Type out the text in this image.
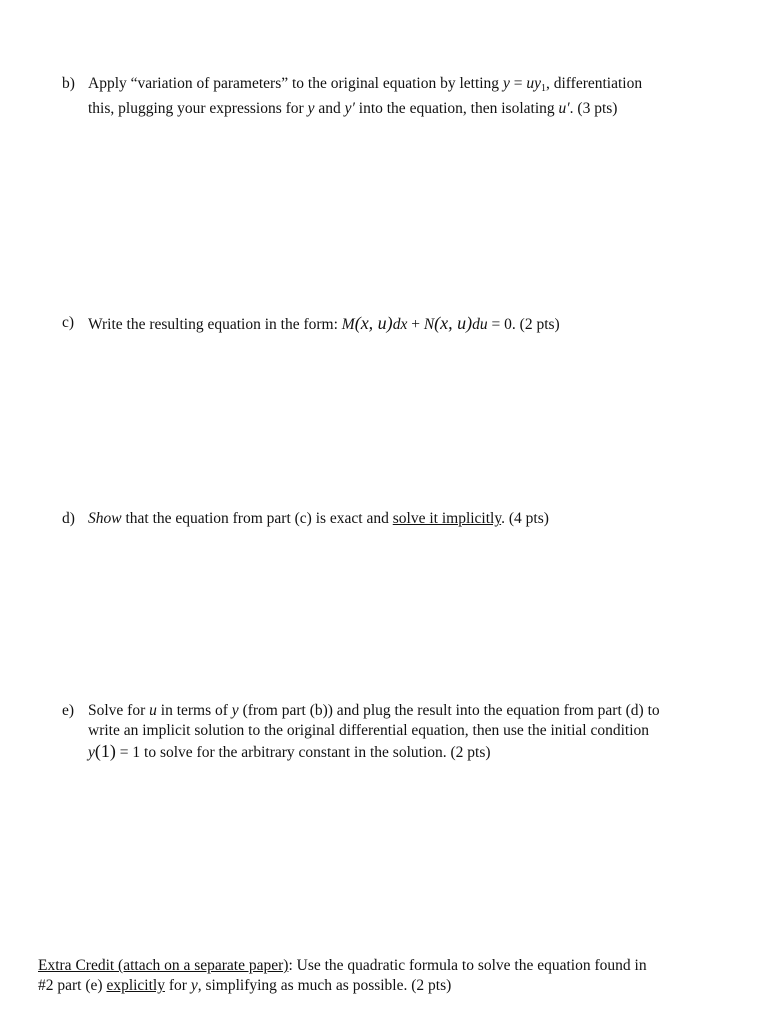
b) Apply “variation of parameters” to the original equation by letting $y = uy_1$, differentiation
this, plugging your expressions for y and y′ into the equation, then isolating u′. (3 pts)
c) Write the resulting equation in the form: M(x, u)dx + N(x, u)du = 0. (2 pts)
d) Show that the equation from part (c) is exact and solve it implicitly. (4 pts)
e) Solve for u in terms of y (from part (b)) and plug the result into the equation from part (d) to
write an implicit solution to the original differential equation, then use the initial condition
y(1) = 1 to solve for the arbitrary constant in the solution. (2 pts)
Extra Credit (attach on a separate paper): Use the quadratic formula to solve the equation found in
#2 part (e) explicitly for y, simplifying as much as possible. (2 pts)
